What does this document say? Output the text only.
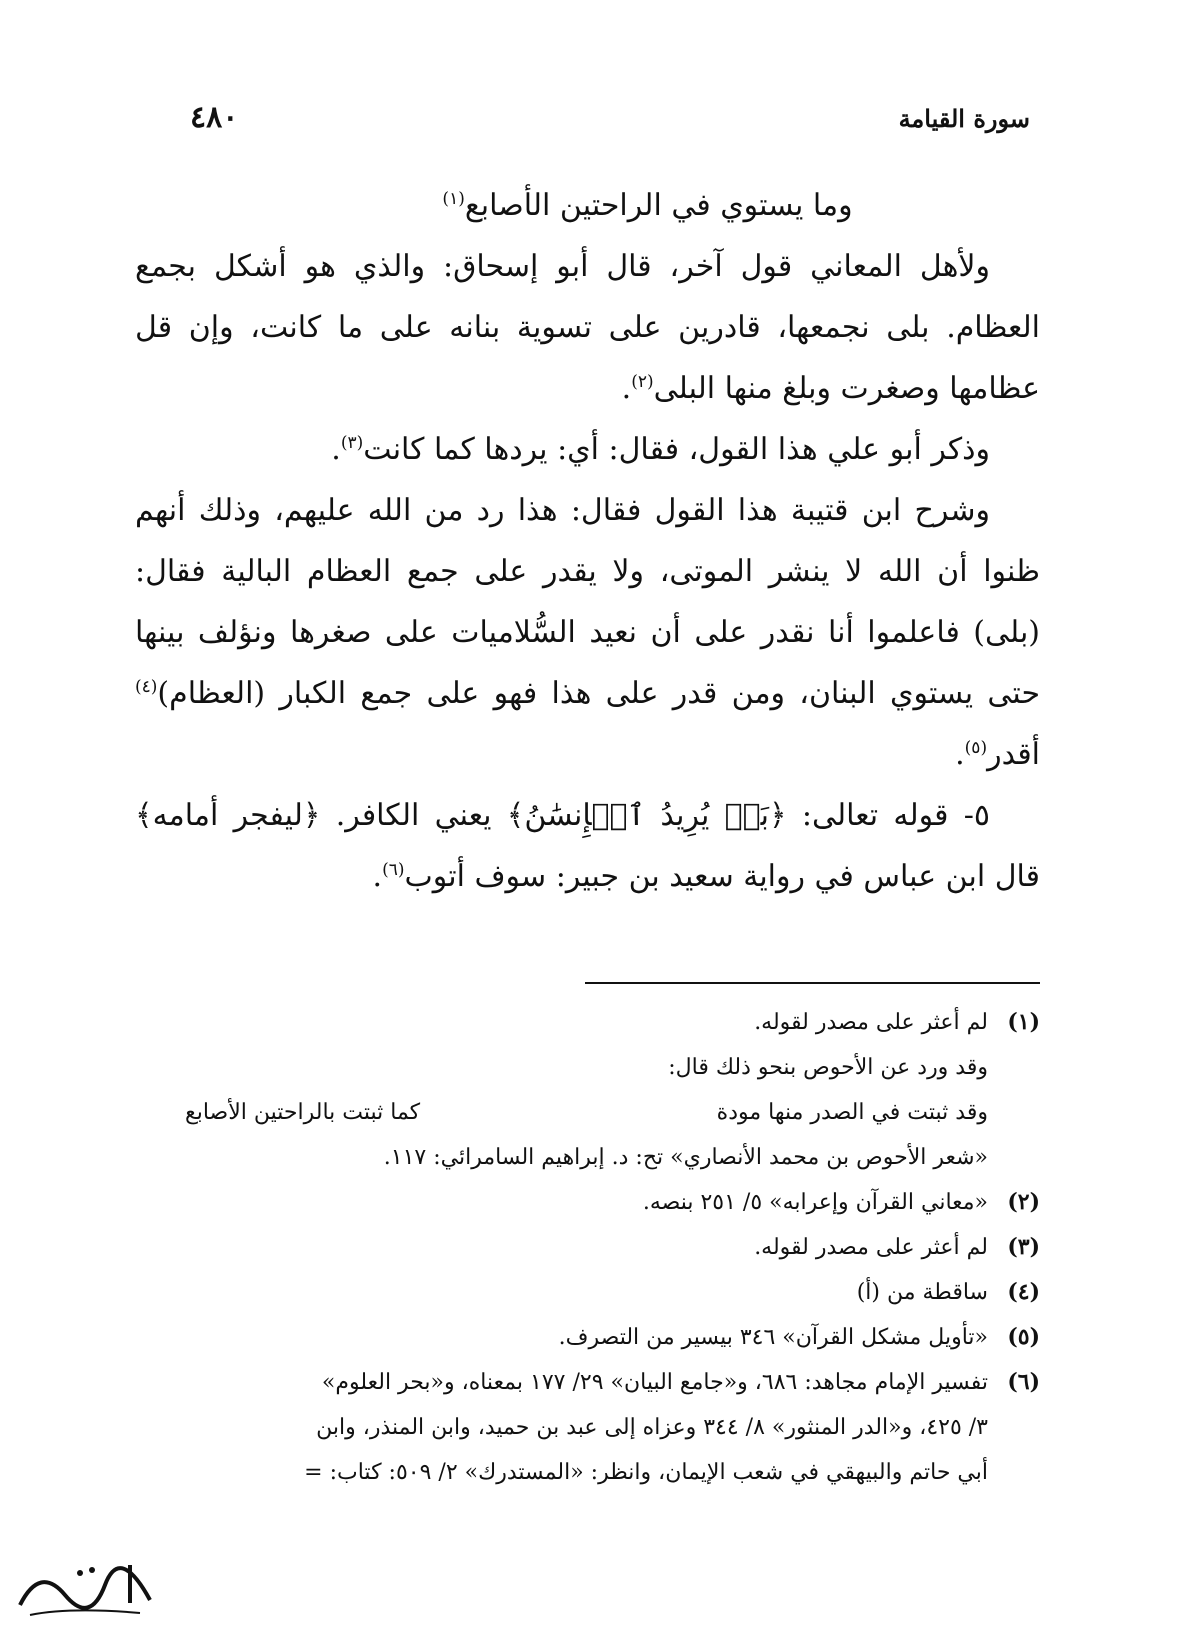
سورة القيامة
٤٨٠

وما يستوي في الراحتين الأصابع$^{(١)}$

ولأهل المعاني قول آخر، قال أبو إسحاق: والذي هو أشكل بجمع العظام. بلى نجمعها، قادرين على تسوية بنانه على ما كانت، وإن قل عظامها وصغرت وبلغ منها البلى$^{(٢)}$.

وذكر أبو علي هذا القول، فقال: أي: يردها كما كانت$^{(٣)}$.

وشرح ابن قتيبة هذا القول فقال: هذا رد من الله عليهم، وذلك أنهم ظنوا أن الله لا ينشر الموتى، ولا يقدر على جمع العظام البالية فقال: (بلى) فاعلموا أنا نقدر على أن نعيد السُّلاميات على صغرها ونؤلف بينها حتى يستوي البنان، ومن قدر على هذا فهو على جمع الكبار (العظام)$^{(٤)}$ أقدر$^{(٥)}$.

٥- قوله تعالى: ﴿بَلۡ يُرِيدُ ٱلۡإِنسَٰنُ﴾ يعني الكافر. ﴿ليفجر أمامه﴾ قال ابن عباس في رواية سعيد بن جبير: سوف أتوب$^{(٦)}$.

(١)
لم أعثر على مصدر لقوله.
وقد ورد عن الأحوص بنحو ذلك قال:
وقد ثبتت في الصدر منها مودة
كما ثبتت بالراحتين الأصابع
«شعر الأحوص بن محمد الأنصاري» تح: د. إبراهيم السامرائي: ١١٧.
(٢)
«معاني القرآن وإعرابه» ٥/ ٢٥١ بنصه.
(٣)
لم أعثر على مصدر لقوله.
(٤)
ساقطة من (أ)
(٥)
«تأويل مشكل القرآن» ٣٤٦ بيسير من التصرف.
(٦)
تفسير الإمام مجاهد: ٦٨٦، و«جامع البيان» ٢٩/ ١٧٧ بمعناه، و«بحر العلوم»
٣/ ٤٢٥، و«الدر المنثور» ٨/ ٣٤٤ وعزاه إلى عبد بن حميد، وابن المنذر، وابن
أبي حاتم والبيهقي في شعب الإيمان، وانظر: «المستدرك» ٢/ ٥٠٩: كتاب: =
